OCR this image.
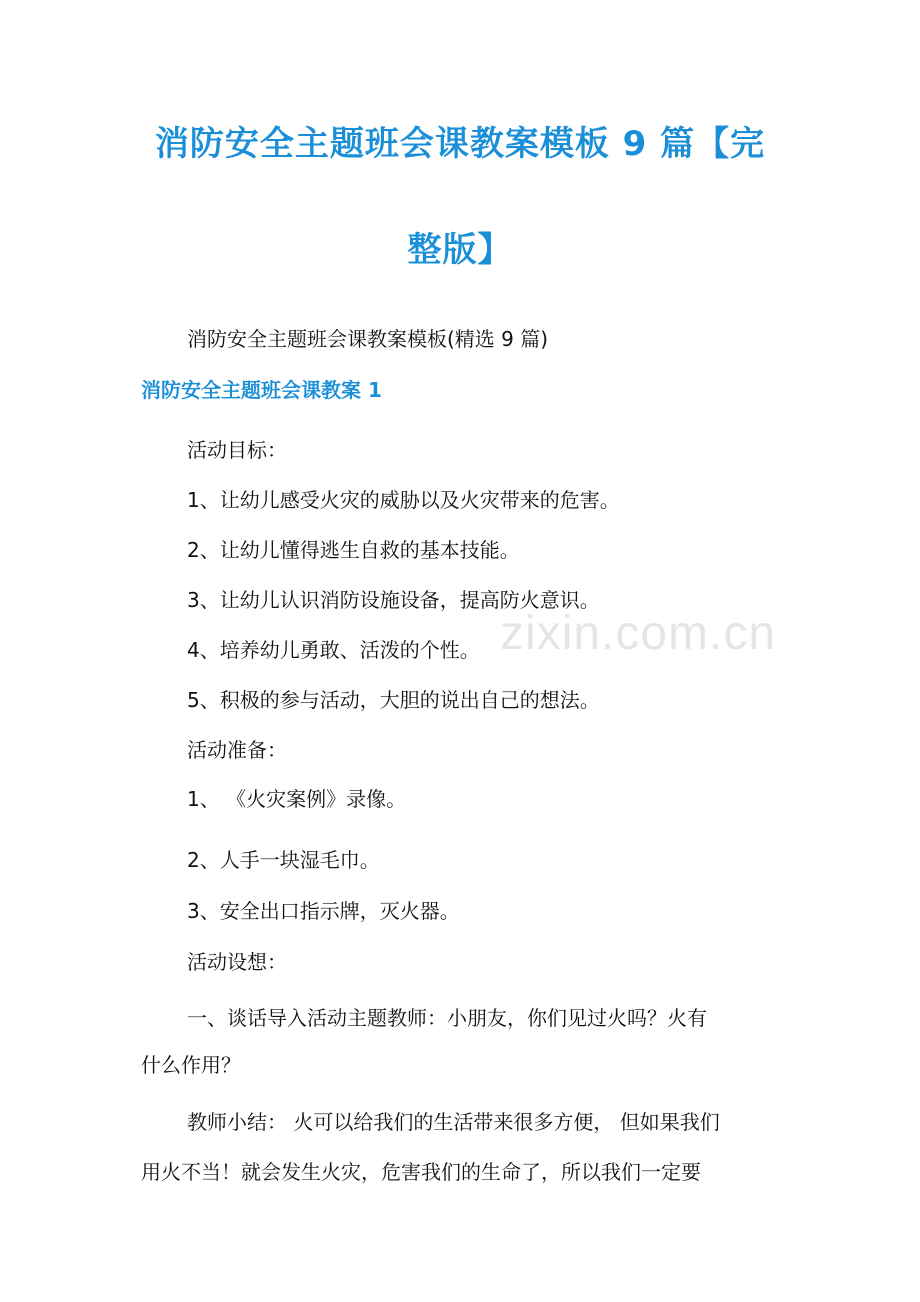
消防安全主题班会课教案模板 9 篇【完
整版】
消防安全主题班会课教案模板(精选 9 篇)
消防安全主题班会课教案 1
活动目标：
1、让幼儿感受火灾的威胁以及火灾带来的危害。
2、让幼儿懂得逃生自救的基本技能。
3、让幼儿认识消防设施设备，提高防火意识。
4、培养幼儿勇敢、活泼的个性。
5、积极的参与活动，大胆的说出自己的想法。
活动准备：
1、 《火灾案例》录像。
2、人手一块湿毛巾。
3、安全出口指示牌，灭火器。
活动设想：
一、谈话导入活动主题教师：小朋友，你们见过火吗？火有
什么作用？
教师小结： 火可以给我们的生活带来很多方便， 但如果我们
用火不当！就会发生火灾，危害我们的生命了，所以我们一定要
zixin.com.cn
